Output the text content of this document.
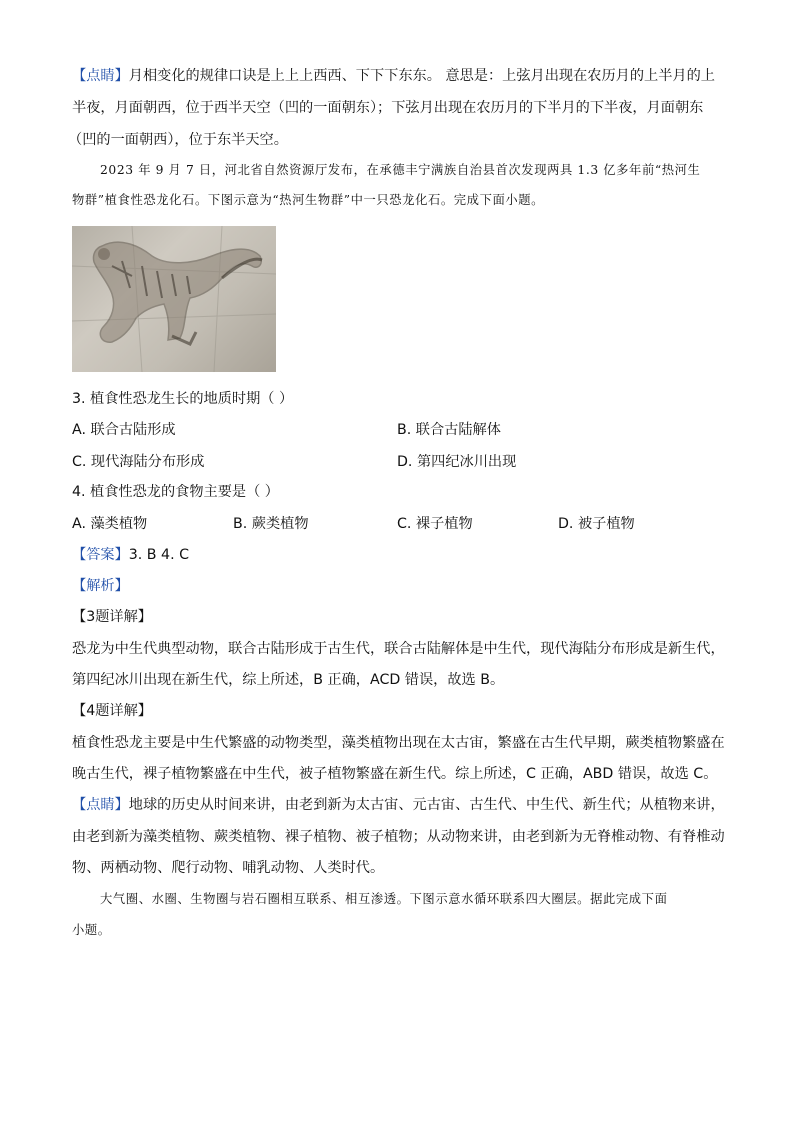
【点睛】月相变化的规律口诀是上上上西西、下下下东东。 意思是：上弦月出现在农历月的上半月的上
半夜，月面朝西，位于西半天空（凹的一面朝东）；下弦月出现在农历月的下半月的下半夜，月面朝东
（凹的一面朝西），位于东半天空。
2023 年 9 月 7 日，河北省自然资源厅发布，在承德丰宁满族自治县首次发现两具 1.3 亿多年前“热河生
物群”植食性恐龙化石。下图示意为“热河生物群”中一只恐龙化石。完成下面小题。
3. 植食性恐龙生长的地质时期（ ）
A. 联合古陆形成	B. 联合古陆解体
C. 现代海陆分布形成	D. 第四纪冰川出现
4. 植食性恐龙的食物主要是（ ）
A. 藻类植物	B. 蕨类植物	C. 裸子植物	D. 被子植物
【答案】3. B 4. C
【解析】
【3题详解】
恐龙为中生代典型动物，联合古陆形成于古生代，联合古陆解体是中生代，现代海陆分布形成是新生代，
第四纪冰川出现在新生代，综上所述，B 正确，ACD 错误，故选 B。
【4题详解】
植食性恐龙主要是中生代繁盛的动物类型，藻类植物出现在太古宙，繁盛在古生代早期，蕨类植物繁盛在
晚古生代，裸子植物繁盛在中生代，被子植物繁盛在新生代。综上所述，C 正确，ABD 错误，故选 C。
【点睛】地球的历史从时间来讲，由老到新为太古宙、元古宙、古生代、中生代、新生代；从植物来讲，
由老到新为藻类植物、蕨类植物、裸子植物、被子植物；从动物来讲，由老到新为无脊椎动物、有脊椎动
物、两栖动物、爬行动物、哺乳动物、人类时代。
大气圈、水圈、生物圈与岩石圈相互联系、相互渗透。下图示意水循环联系四大圈层。据此完成下面
小题。
